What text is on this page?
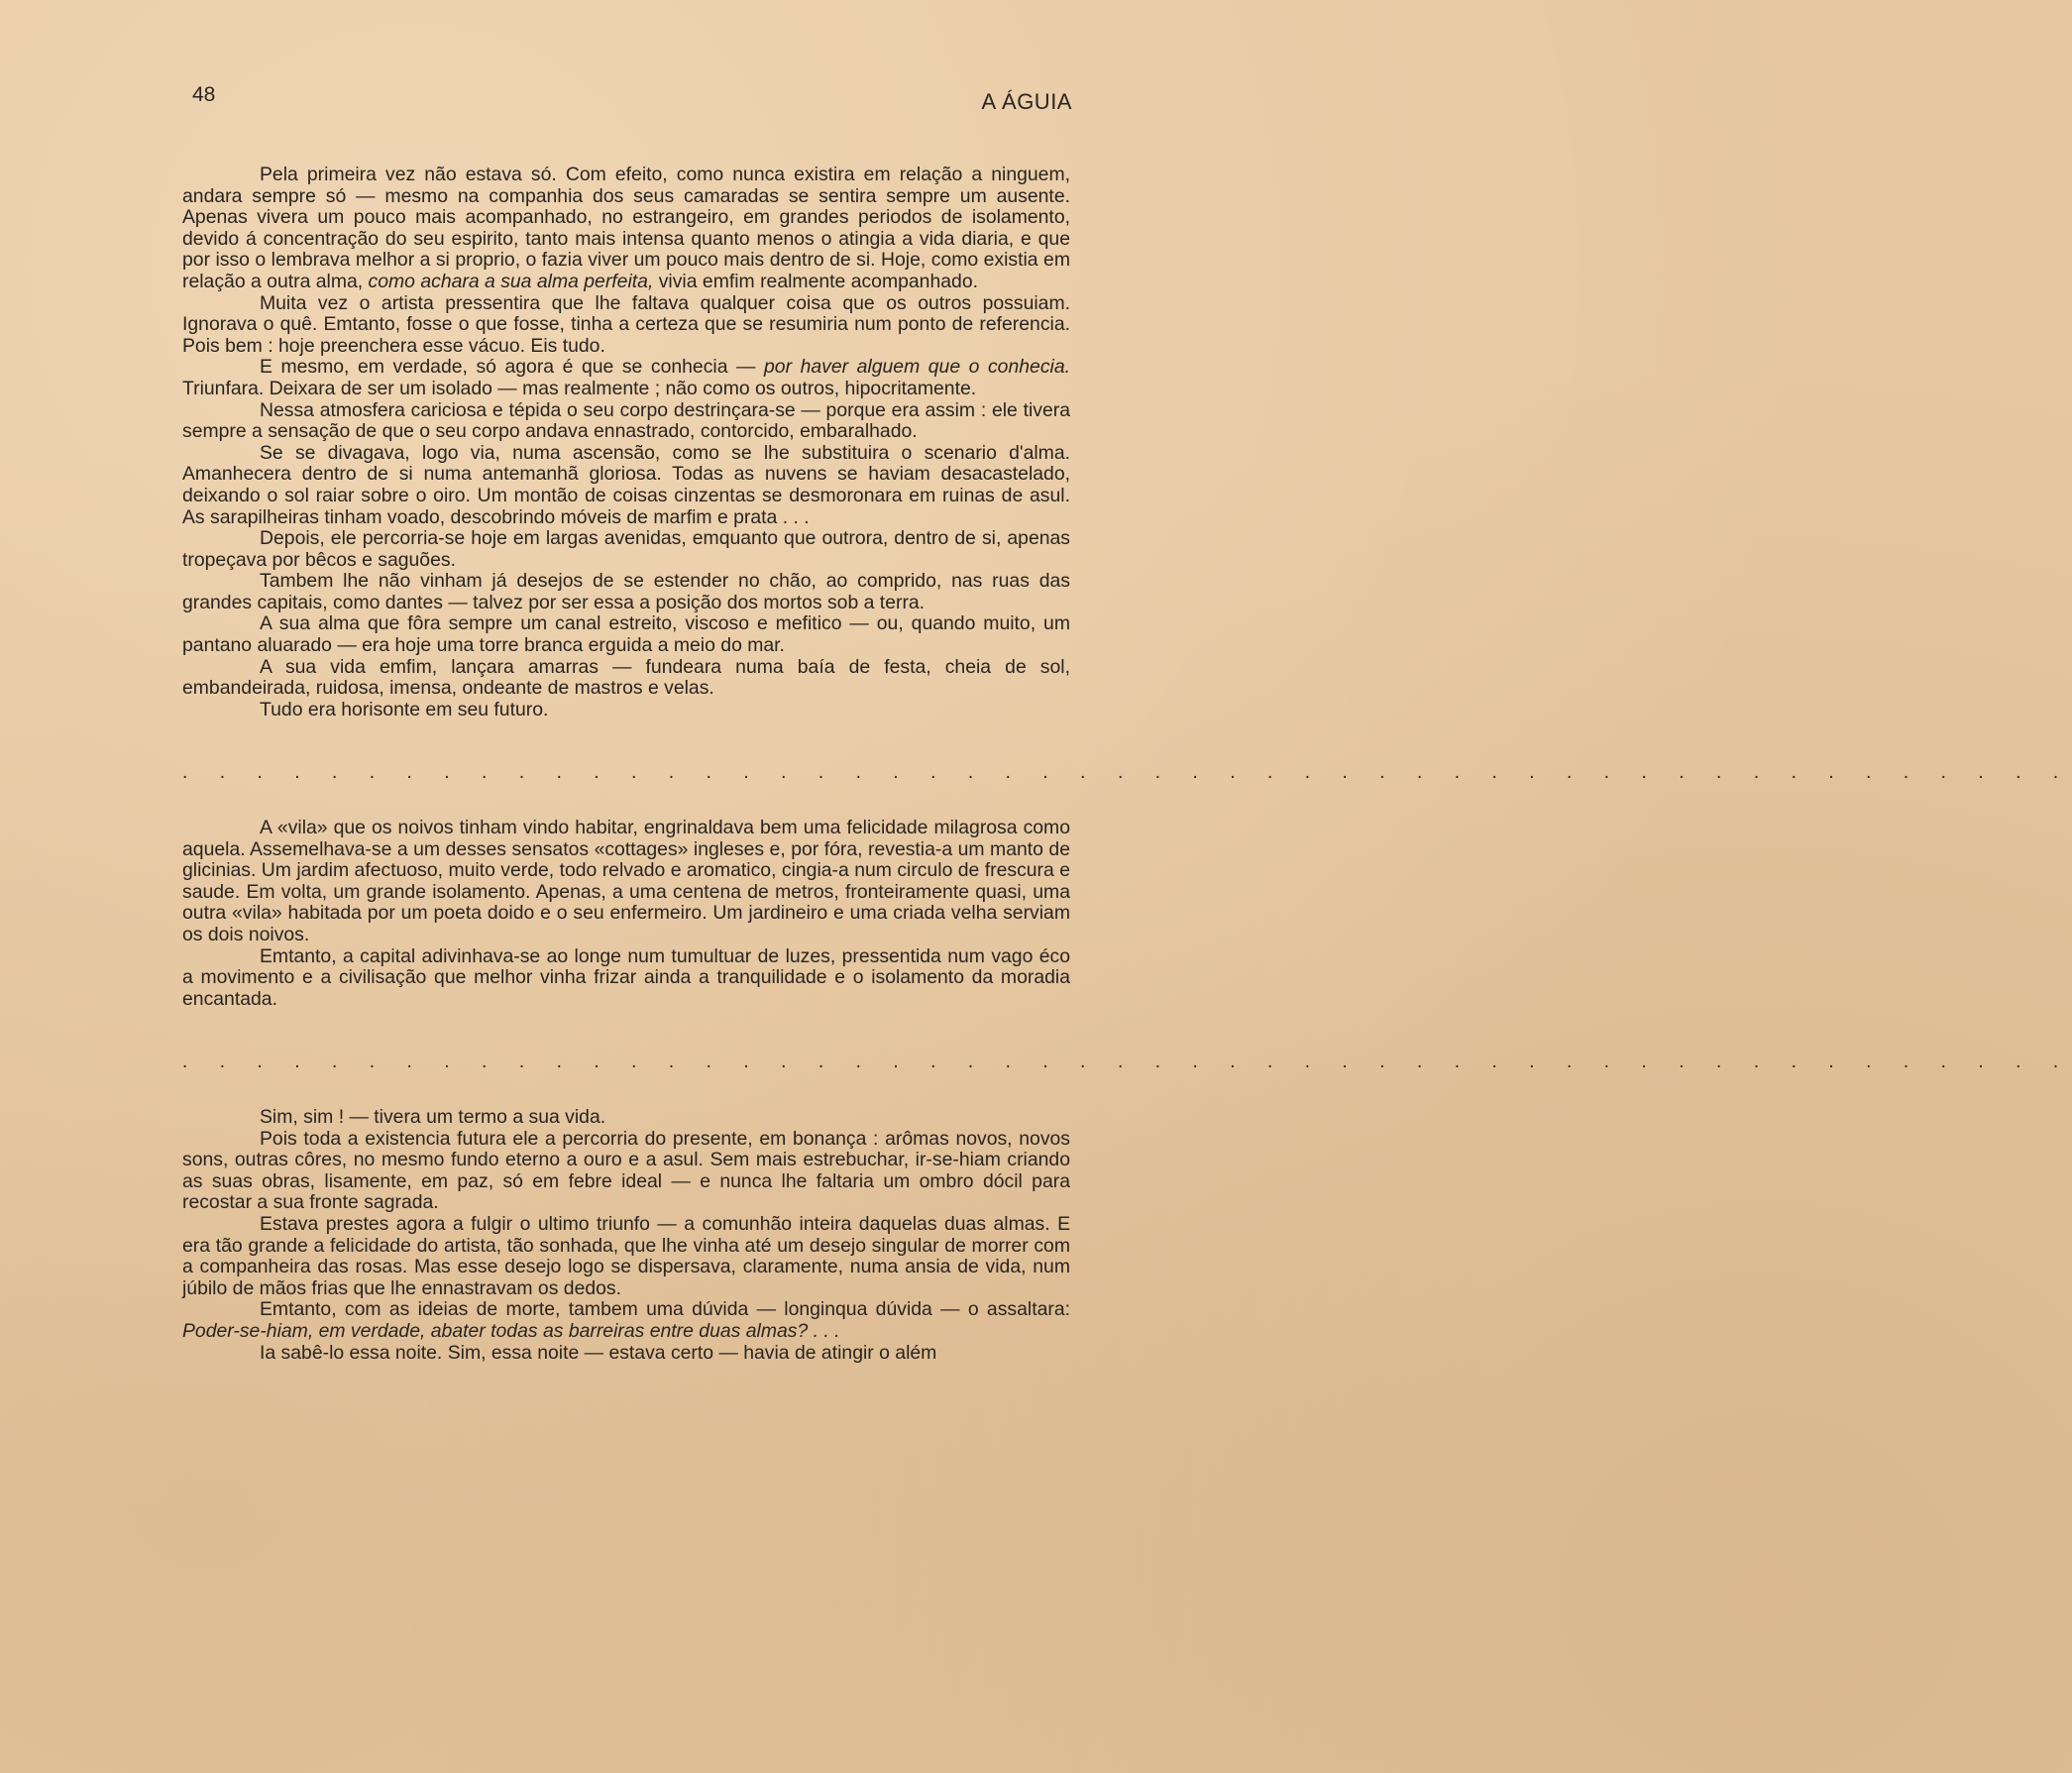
48	A ÁGUIA

Pela primeira vez não estava só. Com efeito, como nunca existira em relação a ninguem, andara sempre só — mesmo na companhia dos seus camaradas se sentira sempre um ausente. Apenas vivera um pouco mais acompanhado, no estrangeiro, em grandes periodos de isolamento, devido á concentração do seu espirito, tanto mais intensa quanto menos o atingia a vida diaria, e que por isso o lembrava melhor a si proprio, o fazia viver um pouco mais dentro de si. Hoje, como existia em relação a outra alma, como achara a sua alma perfeita, vivia emfim realmente acompanhado.

Muita vez o artista pressentira que lhe faltava qualquer coisa que os outros possuiam. Ignorava o quê. Emtanto, fosse o que fosse, tinha a certeza que se resumiria num ponto de referencia. Pois bem : hoje preenchera esse vácuo. Eis tudo.

E mesmo, em verdade, só agora é que se conhecia — por haver alguem que o conhecia. Triunfara. Deixara de ser um isolado — mas realmente ; não como os outros, hipocritamente.

Nessa atmosfera cariciosa e tépida o seu corpo destrinçara-se — porque era assim : ele tivera sempre a sensação de que o seu corpo andava ennastrado, contorcido, embaralhado.

Se se divagava, logo via, numa ascensão, como se lhe substituira o scenario d'alma. Amanhecera dentro de si numa antemanhã gloriosa. Todas as nuvens se haviam desacastelado, deixando o sol raiar sobre o oiro. Um montão de coisas cinzentas se desmoronara em ruinas de asul. As sarapilheiras tinham voado, descobrindo móveis de marfim e prata . . .

Depois, ele percorria-se hoje em largas avenidas, emquanto que outrora, dentro de si, apenas tropeçava por bêcos e saguões.

Tambem lhe não vinham já desejos de se estender no chão, ao comprido, nas ruas das grandes capitais, como dantes — talvez por ser essa a posição dos mortos sob a terra.

A sua alma que fôra sempre um canal estreito, viscoso e mefitico — ou, quando muito, um pantano aluarado — era hoje uma torre branca erguida a meio do mar.

A sua vida emfim, lançara amarras — fundeara numa baía de festa, cheia de sol, embandeirada, ruidosa, imensa, ondeante de mastros e velas.

Tudo era horisonte em seu futuro.

. . . . . . . . . . . . . . . . . . . . . . . . . . . . . . . . . . . . . . . . . . . . . . . . . . .

A «vila» que os noivos tinham vindo habitar, engrinaldava bem uma felicidade milagrosa como aquela. Assemelhava-se a um desses sensatos «cottages» ingleses e, por fóra, revestia-a um manto de glicinias. Um jardim afectuoso, muito verde, todo relvado e aromatico, cingia-a num circulo de frescura e saude. Em volta, um grande isolamento. Apenas, a uma centena de metros, fronteiramente quasi, uma outra «vila» habitada por um poeta doido e o seu enfermeiro. Um jardineiro e uma criada velha serviam os dois noivos.

Emtanto, a capital adivinhava-se ao longe num tumultuar de luzes, pressentida num vago éco a movimento e a civilisação que melhor vinha frizar ainda a tranquilidade e o isolamento da moradia encantada.

. . . . . . . . . . . . . . . . . . . . . . . . . . . . . . . . . . . . . . . . . . . . . . . . . . .

Sim, sim ! — tivera um termo a sua vida.

Pois toda a existencia futura ele a percorria do presente, em bonança : arômas novos, novos sons, outras côres, no mesmo fundo eterno a ouro e a asul. Sem mais estrebuchar, ir-se-hiam criando as suas obras, lisamente, em paz, só em febre ideal — e nunca lhe faltaria um ombro dócil para recostar a sua fronte sagrada.

Estava prestes agora a fulgir o ultimo triunfo — a comunhão inteira daquelas duas almas. E era tão grande a felicidade do artista, tão sonhada, que lhe vinha até um desejo singular de morrer com a companheira das rosas. Mas esse desejo logo se dispersava, claramente, numa ansia de vida, num júbilo de mãos frias que lhe ennastravam os dedos.

Emtanto, com as ideias de morte, tambem uma dúvida — longinqua dúvida — o assaltara: Poder-se-hiam, em verdade, abater todas as barreiras entre duas almas? . . .

Ia sabê-lo essa noite. Sim, essa noite — estava certo — havia de atingir o além
